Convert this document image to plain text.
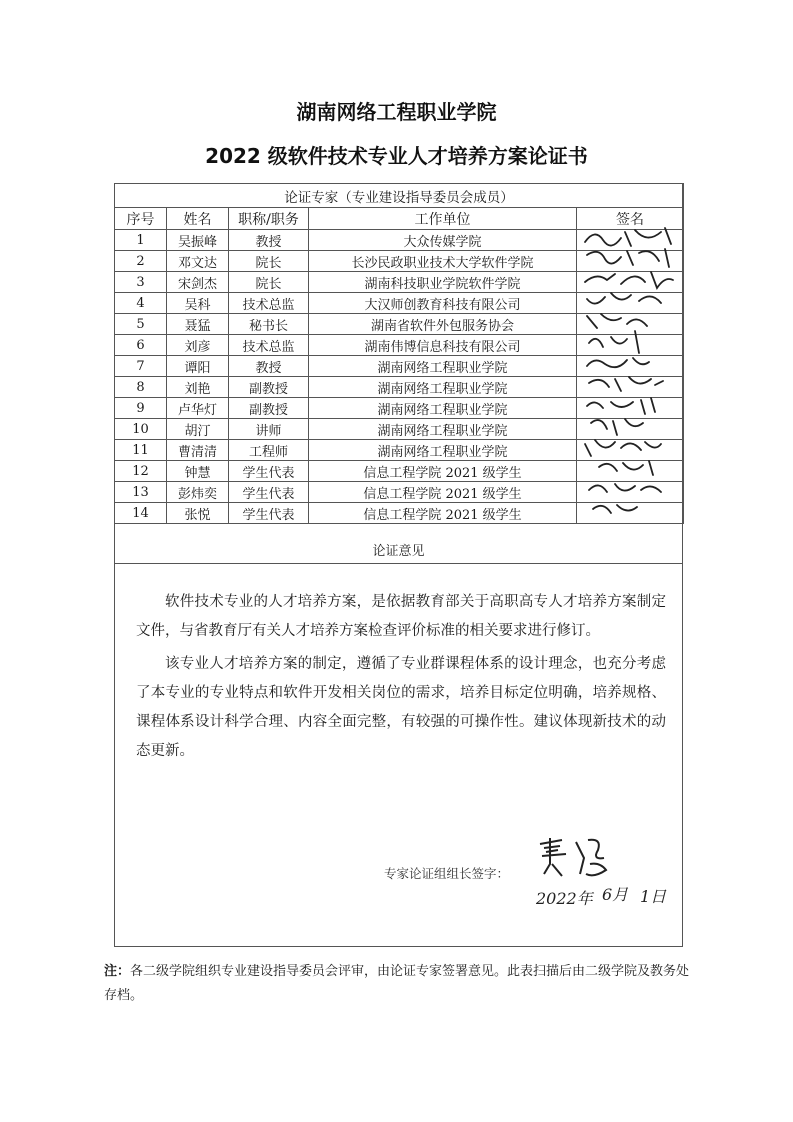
湖南网络工程职业学院
2022 级软件技术专业人才培养方案论证书
论证专家（专业建设指导委员会成员）				
序号	姓名	职称/职务	工作单位	签名
1	吴振峰	教授	大众传媒学院	

2	邓文达	院长	长沙民政职业技术大学软件学院	

3	宋剑杰	院长	湖南科技职业学院软件学院	

4	吴科	技术总监	大汉师创教育科技有限公司	

5	聂猛	秘书长	湖南省软件外包服务协会	

6	刘彦	技术总监	湖南伟博信息科技有限公司	

7	谭阳	教授	湖南网络工程职业学院	

8	刘艳	副教授	湖南网络工程职业学院	

9	卢华灯	副教授	湖南网络工程职业学院	

10	胡汀	讲师	湖南网络工程职业学院	

11	曹清清	工程师	湖南网络工程职业学院	

12	钟慧	学生代表	信息工程学院 2021 级学生	

13	彭炜奕	学生代表	信息工程学院 2021 级学生	

14	张悦	学生代表	信息工程学院 2021 级学生	
论证意见
软件技术专业的人才培养方案，是依据教育部关于高职高专人才培养方案制定文件，与省教育厅有关人才培养方案检查评价标准的相关要求进行修订。
该专业人才培养方案的制定，遵循了专业群课程体系的设计理念，也充分考虑了本专业的专业特点和软件开发相关岗位的需求，培养目标定位明确，培养规格、课程体系设计科学合理、内容全面完整，有较强的可操作性。建议体现新技术的动态更新。
专家论证组组长签字：
2022年 6月 1日
注：各二级学院组织专业建设指导委员会评审，由论证专家签署意见。此表扫描后由二级学院及教务处存档。
